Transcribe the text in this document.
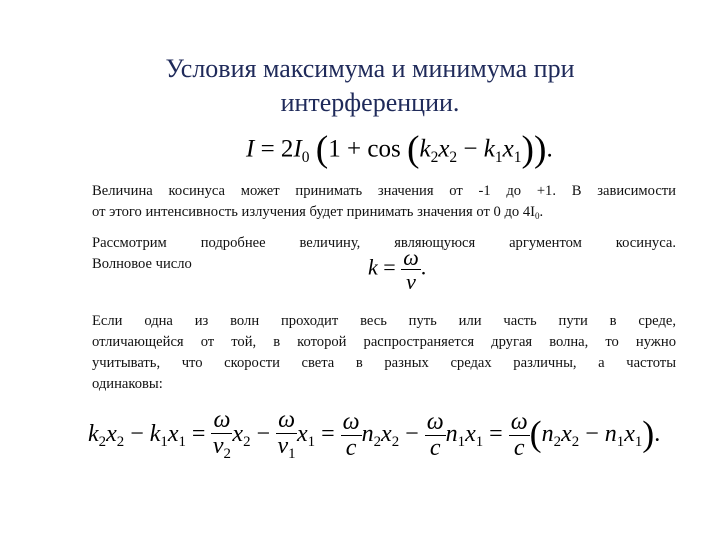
Условия максимума и минимума при
интерференции.
$I = 2I_0$ $(1 + \cos (k_2x_2 - k_1x_1))$.
Величина косинуса может принимать значения от -1 до +1. В зависимости
от этого интенсивность излучения будет принимать значения от 0 до $4I_0$.
Рассмотрим подробнее величину, являющуюся аргументом косинуса.
Волновое число	$k = \frac{\omega}{v}$ .
Если одна из волн проходит весь путь или часть пути в среде,
отличающейся от той, в которой распространяется другая волна, то нужно
учитывать, что скорости света в разных средах различны, а частоты
одинаковы:
$k_2x_2 - k_1x_1 = \frac{\omega}{v_2} x_2 - \frac{\omega}{v_1} x_1 = \frac{\omega}{c} n_2x_2 - \frac{\omega}{c} n_1x_1 = \frac{\omega}{c} (n_2x_2 - n_1x_1)$.
